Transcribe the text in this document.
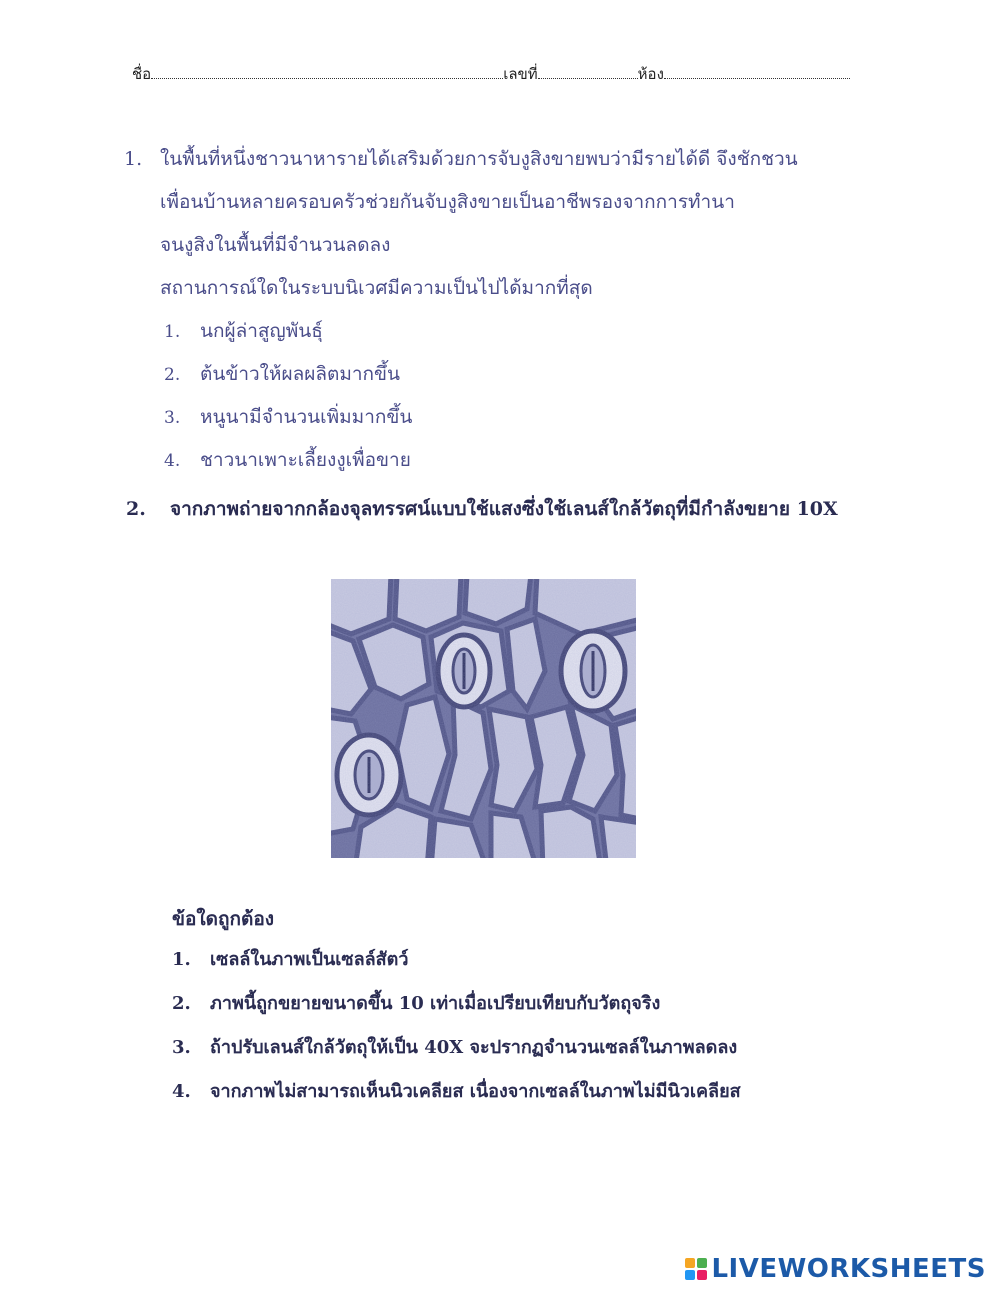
ชื่อ	เลขที่	ห้อง
1. ในพื้นที่หนึ่งชาวนาหารายได้เสริมด้วยการจับงูสิงขายพบว่ามีรายได้ดี จึงชักชวน
เพื่อนบ้านหลายครอบครัวช่วยกันจับงูสิงขายเป็นอาชีพรองจากการทำนา
จนงูสิงในพื้นที่มีจำนวนลดลง
สถานการณ์ใดในระบบนิเวศมีความเป็นไปได้มากที่สุด
1. นกผู้ล่าสูญพันธุ์
2. ต้นข้าวให้ผลผลิตมากขึ้น
3. หนูนามีจำนวนเพิ่มมากขึ้น
4. ชาวนาเพาะเลี้ยงงูเพื่อขาย
2. จากภาพถ่ายจากกล้องจุลทรรศน์แบบใช้แสงซึ่งใช้เลนส์ใกล้วัตถุที่มีกำลังขยาย 10X
ข้อใดถูกต้อง
1. เซลล์ในภาพเป็นเซลล์สัตว์
2. ภาพนี้ถูกขยายขนาดขึ้น 10 เท่าเมื่อเปรียบเทียบกับวัตถุจริง
3. ถ้าปรับเลนส์ใกล้วัตถุให้เป็น 40X จะปรากฏจำนวนเซลล์ในภาพลดลง
4. จากภาพไม่สามารถเห็นนิวเคลียส เนื่องจากเซลล์ในภาพไม่มีนิวเคลียส
LIVEWORKSHEETS
